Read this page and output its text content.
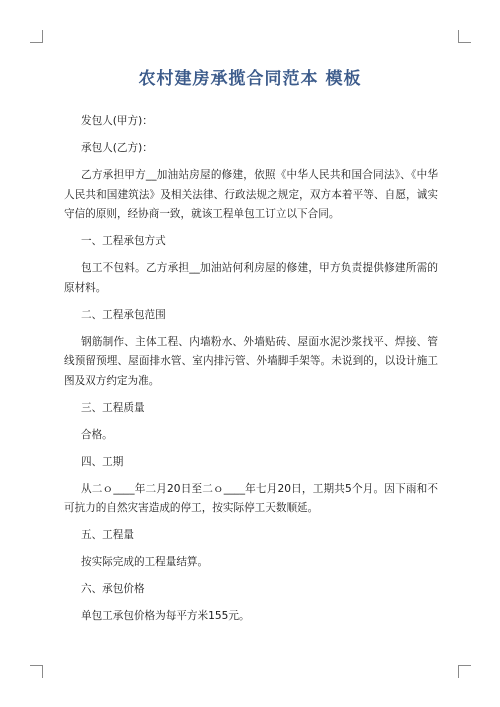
农村建房承揽合同范本 模板

发包人(甲方)：

承包人(乙方)：

乙方承担甲方__加油站房屋的修建，依照《中华人民共和国合同法》、《中华人民共和国建筑法》及相关法律、行政法规之规定，双方本着平等、自愿，诚实守信的原则，经协商一致，就该工程单包工订立以下合同。

一、工程承包方式

包工不包料。乙方承担__加油站何利房屋的修建，甲方负责提供修建所需的原材料。

二、工程承包范围

钢筋制作、主体工程、内墙粉水、外墙贴砖、屋面水泥沙浆找平、焊接、管线预留预埋、屋面排水管、室内排污管、外墙脚手架等。未说到的，以设计施工图及双方约定为准。

三、工程质量

合格。

四、工期

从二ｏ____年二月20日至二ｏ____年七月20日，工期共5个月。因下雨和不可抗力的自然灾害造成的停工，按实际停工天数顺延。

五、工程量

按实际完成的工程量结算。

六、承包价格

单包工承包价格为每平方米155元。
